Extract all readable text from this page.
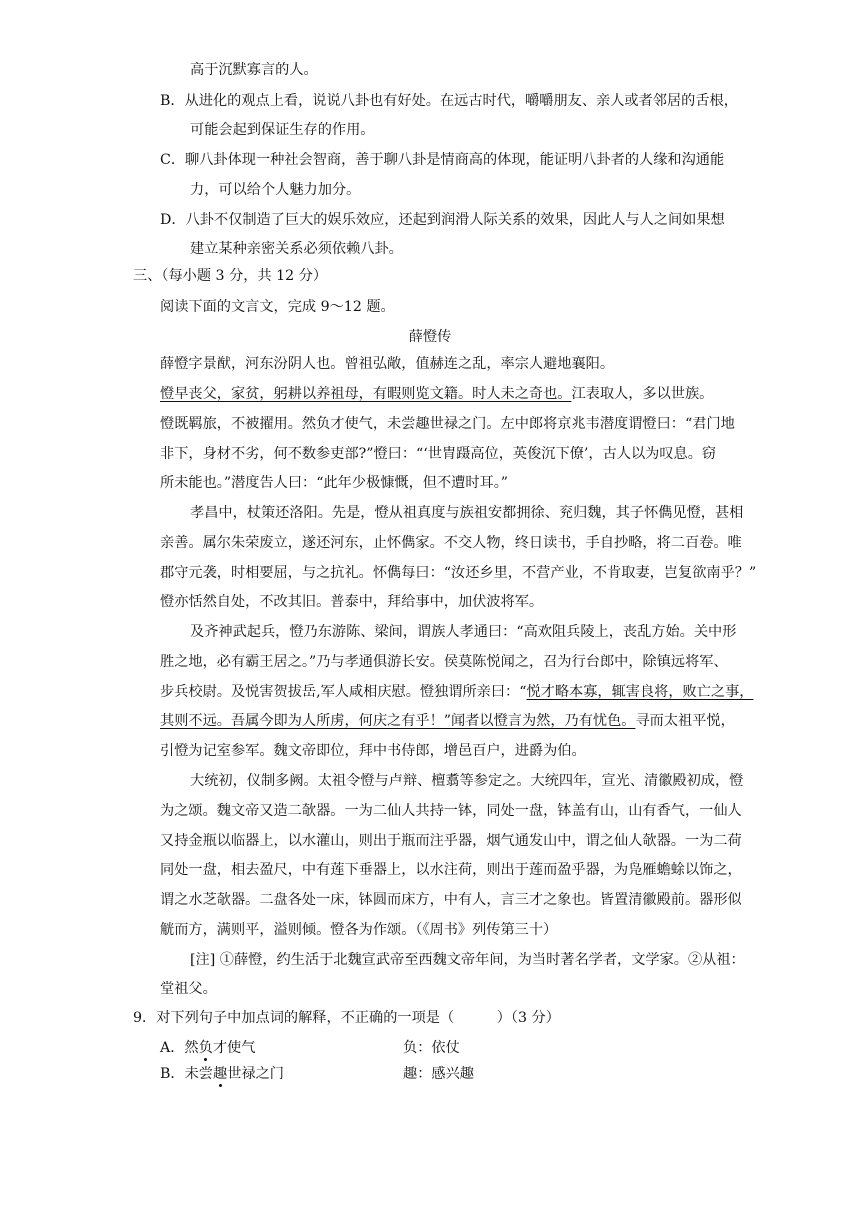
高于沉默寡言的人。
B．从进化的观点上看，说说八卦也有好处。在远古时代，嚼嚼朋友、亲人或者邻居的舌根，
可能会起到保证生存的作用。
C．聊八卦体现一种社会智商，善于聊八卦是情商高的体现，能证明八卦者的人缘和沟通能
力，可以给个人魅力加分。
D．八卦不仅制造了巨大的娱乐效应，还起到润滑人际关系的效果，因此人与人之间如果想
建立某种亲密关系必须依赖八卦。
三、（每小题 3 分，共 12 分）
阅读下面的文言文，完成 9～12 题。
薛憕传
薛憕字景猷，河东汾阴人也。曾祖弘敞，值赫连之乱，率宗人避地襄阳。
憕早丧父，家贫，躬耕以养祖母，有暇则览文籍。时人未之奇也。江表取人，多以世族。
憕既羁旅，不被擢用。然负才使气，未尝趣世禄之门。左中郎将京兆韦潜度谓憕曰：“君门地
非下，身材不劣，何不数参吏部?”憕曰：“‘世胄蹑高位，英俊沉下僚’，古人以为叹息。窃
所未能也。”潜度告人曰：“此年少极慷慨，但不遭时耳。”
孝昌中，杖策还洛阳。先是，憕从祖真度与族祖安都拥徐、兖归魏，其子怀儁见憕，甚相
亲善。属尔朱荣废立，遂还河东，止怀儁家。不交人物，终日读书，手自抄略，将二百卷。唯
郡守元袭，时相要屈，与之抗礼。怀儁每曰：“汝还乡里，不营产业，不肯取妻，岂复欲南乎？”
憕亦恬然自处，不改其旧。普泰中，拜给事中，加伏波将军。
及齐神武起兵，憕乃东游陈、梁间，谓族人孝通曰：“高欢阻兵陵上，丧乱方始。关中形
胜之地，必有霸王居之。”乃与孝通俱游长安。侯莫陈悦闻之，召为行台郎中，除镇远将军、
步兵校尉。及悦害贺拔岳,军人咸相庆慰。憕独谓所亲曰：“悦才略本寡，辄害良将，败亡之事，
其则不远。吾属今即为人所虏，何庆之有乎！”闻者以憕言为然，乃有忧色。寻而太祖平悦，
引憕为记室参军。魏文帝即位，拜中书侍郎，增邑百户，进爵为伯。
大统初，仪制多阙。太祖令憕与卢辩、檀翥等参定之。大统四年，宣光、清徽殿初成，憕
为之颂。魏文帝又造二欹器。一为二仙人共持一钵，同处一盘，钵盖有山，山有香气，一仙人
又持金瓶以临器上，以水灌山，则出于瓶而注乎器，烟气通发山中，谓之仙人欹器。一为二荷
同处一盘，相去盈尺，中有莲下垂器上，以水注荷，则出于莲而盈乎器，为凫雁蟾蜍以饰之，
谓之水芝欹器。二盘各处一床，钵圆而床方，中有人，言三才之象也。皆置清徽殿前。器形似
觥而方，满则平，溢则倾。憕各为作颂。（《周书》列传第三十）
[注] ①薛憕，约生活于北魏宣武帝至西魏文帝年间，为当时著名学者，文学家。②从祖：
堂祖父。
9．对下列句子中加点词的解释，不正确的一项是（　　　）（3 分）
A．然负才使气	负：依仗
B．未尝趣世禄之门	趣：感兴趣
